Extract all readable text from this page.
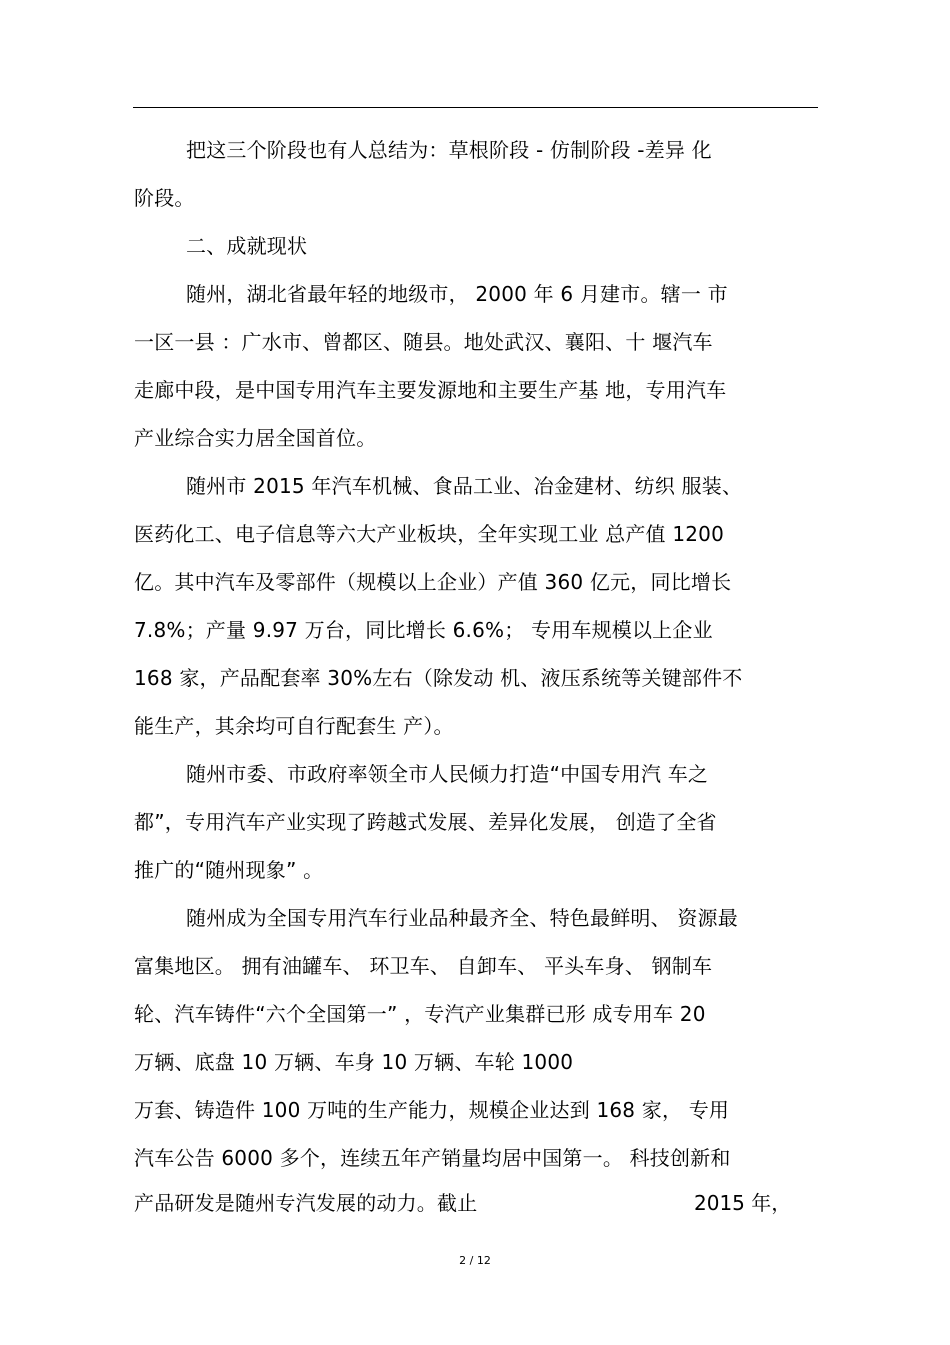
把这三个阶段也有人总结为：草根阶段 - 仿制阶段 -差异 化
阶段。
二、成就现状
随州，湖北省最年轻的地级市， 2000 年 6 月建市。辖一 市
一区一县 ：广水市、曾都区、随县。地处武汉、襄阳、十 堰汽车
走廊中段，是中国专用汽车主要发源地和主要生产基 地，专用汽车
产业综合实力居全国首位。
随州市 2015 年汽车机械、食品工业、冶金建材、纺织 服装、
医药化工、电子信息等六大产业板块，全年实现工业 总产值 1200
亿。其中汽车及零部件（规模以上企业）产值 360 亿元，同比增长
7.8%；产量 9.97 万台，同比增长 6.6%； 专用车规模以上企业
168 家，产品配套率 30%左右（除发动 机、液压系统等关键部件不
能生产，其余均可自行配套生 产）。
随州市委、市政府率领全市人民倾力打造“中国专用汽 车之
都”，专用汽车产业实现了跨越式发展、差异化发展， 创造了全省
推广的“随州现象” 。
随州成为全国专用汽车行业品种最齐全、特色最鲜明、 资源最
富集地区。 拥有油罐车、 环卫车、 自卸车、 平头车身、 钢制车
轮、汽车铸件“六个全国第一” ，专汽产业集群已形 成专用车 20
万辆、底盘 10 万辆、车身 10 万辆、车轮 1000
万套、铸造件 100 万吨的生产能力，规模企业达到 168 家， 专用
汽车公告 6000 多个，连续五年产销量均居中国第一。 科技创新和
产品研发是随州专汽发展的动力。截止	2015 年，
2 / 12
